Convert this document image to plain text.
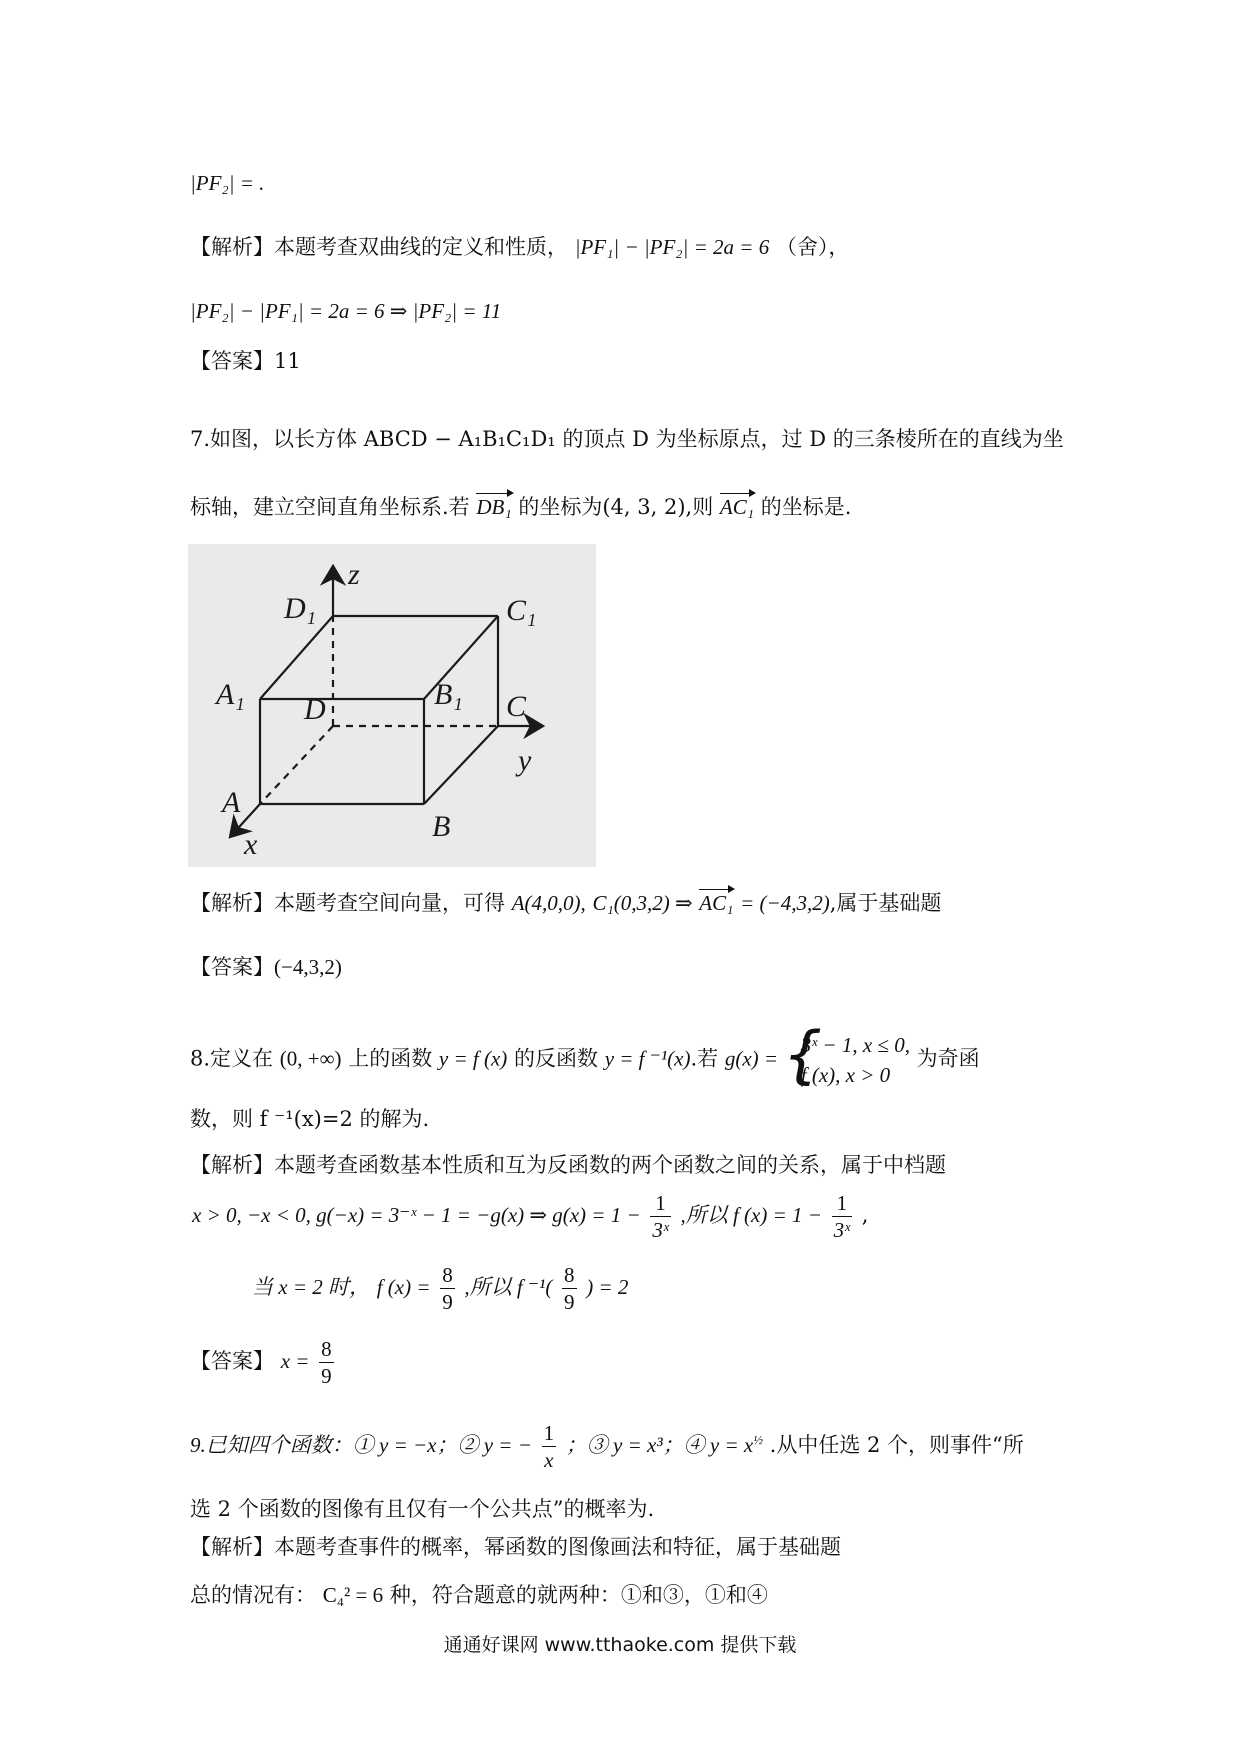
|PF₂| = .
【解析】本题考查双曲线的定义和性质， |PF₁| − |PF₂| = 2a = 6 （舍），
|PF₂| − |PF₁| = 2a = 6 ⇒ |PF₂| = 11
【答案】11
7.如图，以长方体 ABCD − A₁B₁C₁D₁ 的顶点 D 为坐标原点，过 D 的三条棱所在的直线为坐
标轴，建立空间直角坐标系.若 DB₁ 的坐标为(4, 3, 2),则 AC₁ 的坐标是.
z
y
x
D₁	C₁
A₁	B₁
D	C
A
B
【解析】本题考查空间向量，可得 A(4,0,0), C₁(0,3,2) ⇒ AC₁ = (−4,3,2),属于基础题
【答案】(−4,3,2)
8.定义在 (0, +∞) 上的函数 y = f (x) 的反函数 y = f ⁻¹(x).若 g(x) = {
3ˣ − 1, x ≤ 0,
f (x), x > 0
为奇函
数，则 f ⁻¹(x)=2 的解为.
【解析】本题考查函数基本性质和互为反函数的两个函数之间的关系，属于中档题
x > 0, −x < 0, g(−x) = 3⁻ˣ − 1 = −g(x) ⇒ $g(x) = 1 - \frac{1}{\text{3ˣ}}$ ,所以 f $(x) = 1 - \frac{1}{\text{3ˣ}}$ ,
当 x = 2 时， f $(x) = \frac{8}{9}$ ,所以 f $^{-1}( \frac{8}{9}$ ) = 2
【答案】 $x = \frac{8}{9}$
9.已知四个函数：① y = −x；② y = − $\frac{1}{x}$ ；③ y = x³；④ $y = x^{\frac{1}{2}}$ .从中任选 2 个，则事件“所
选 2 个函数的图像有且仅有一个公共点”的概率为.
【解析】本题考查事件的概率，幂函数的图像画法和特征，属于基础题
总的情况有： C₄² = 6 种，符合题意的就两种：①和③，①和④
通通好课网 www.tthaoke.com 提供下载
